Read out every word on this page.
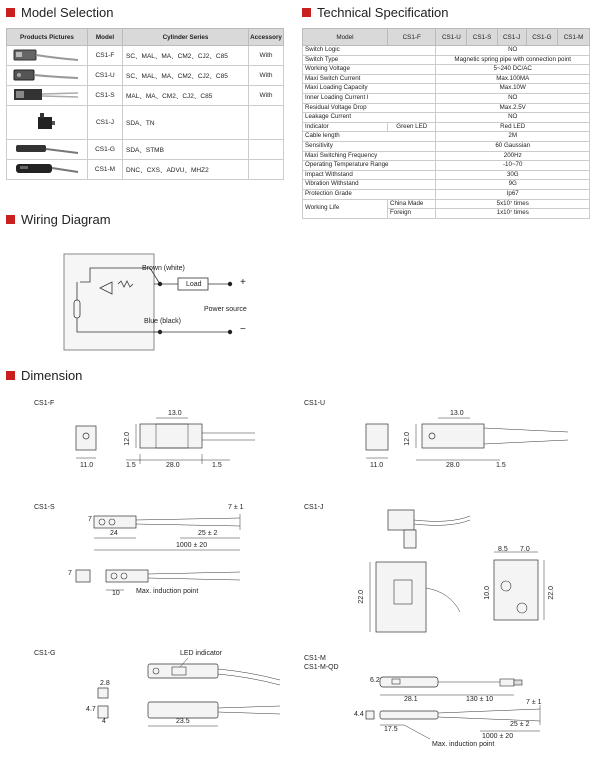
Model Selection	Technical Specification
Wiring Diagram
Dimension
Products Pictures	Model	Cylinder Series	Accessory
	CS1-F	SC、MAL、MA、CM2、CJ2、C85	With
	CS1-U	SC、MAL、MA、CM2、CJ2、C85	With
	CS1-S	MAL、MA、CM2、CJ2、C85	With
	CS1-J	SDA、TN	
	CS1-G	SDA、STMB	
	CS1-M	DNC、CXS、ADVU、MHZ2	
Model	CS1-F	CS1-U	CS1-S	CS1-J	CS1-G	CS1-M
Switch Logic		NO				
Switch Type		Magnetic spring pipe with connection point				
Working Voltage		5~240 DC/AC				
Maxi Switch Current		Max.100MA				
Maxi Loading Capacity		Max.10W				
Inner Loading Current I		NO				
Residual Voltage Drop		Max.2.5V				
Leakage Current		NO				
Indicator	Green LED	Red LED				
Cable length		2M				
Sensitivity		60 Gaussian				
Maxi Switching Frequency		200Hz				
Operating Temperature Range		-10~70				
Impact Withstand		30G				
Vibration Withstand		9G				
Protection Grade		Ip67				
Working Life	China Made	5x10⁷ times				
	Foreign	1x10⁷ times				
Brown (white)
Load	+
Power source
Blue (black)
−
CS1-F
13.0
12.0
11.0	1.5	28.0	1.5
CS1-U
13.0
12.0
11.0	28.0	1.5
CS1-S
7
7 ± 1
24	25 ± 2
1000 ± 20
7
10 Max. induction point
CS1-J
8.5 7.0
22.0	10.0	22.0
CS1-G	LED indicator
2.8
4.7
4	23.5
CS1-M
CS1-M-QD
6.2
28.1	130 ± 10
4.4
7 ± 1
25 ± 2
17.5
1000 ± 20
Max. induction point
